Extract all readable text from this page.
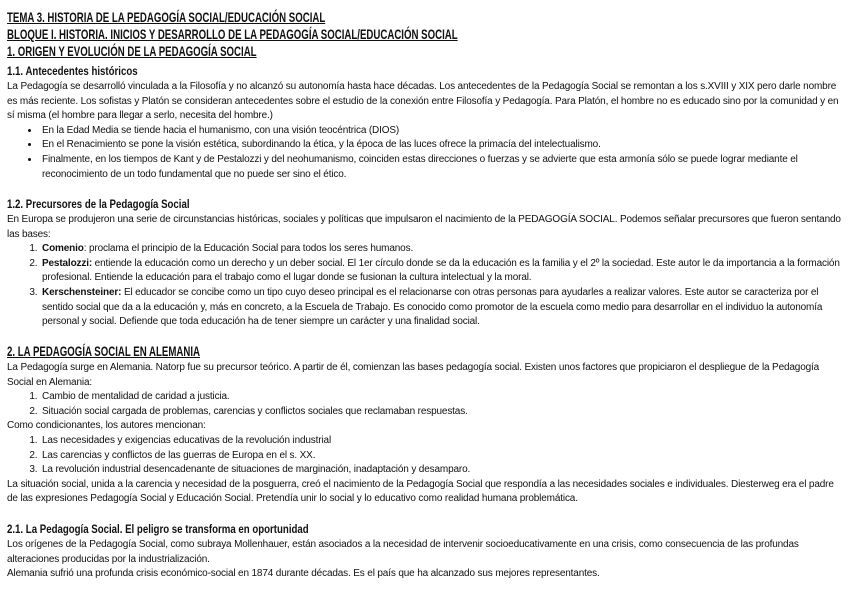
TEMA 3. HISTORIA DE LA PEDAGOGÍA SOCIAL/EDUCACIÓN SOCIAL
BLOQUE I. HISTORIA. INICIOS Y DESARROLLO DE LA PEDAGOGÍA SOCIAL/EDUCACIÓN SOCIAL
1. ORIGEN Y EVOLUCIÓN DE LA PEDAGOGÍA SOCIAL
1.1. Antecedentes históricos

La Pedagogía se desarrolló vinculada a la Filosofía y no alcanzó su autonomía hasta hace décadas. Los antecedentes de la Pedagogía Social se remontan a los s.XVIII y XIX pero darle nombre es más reciente. Los sofistas y Platón se consideran antecedentes sobre el estudio de la conexión entre Filosofía y Pedagogía. Para Platón, el hombre no es educado sino por la comunidad y en sí misma (el hombre para llegar a serlo, necesita del hombre.)

• En la Edad Media se tiende hacia el humanismo, con una visión teocéntrica (DIOS)
• En el Renacimiento se pone la visión estética, subordinando la ética, y la época de las luces ofrece la primacía del intelectualismo.
• Finalmente, en los tiempos de Kant y de Pestalozzi y del neohumanismo, coinciden estas direcciones o fuerzas y se advierte que esta armonía sólo se puede lograr mediante el reconocimiento de un todo fundamental que no puede ser sino el ético.
1.2. Precursores de la Pedagogía Social

En Europa se produjeron una serie de circunstancias históricas, sociales y políticas que impulsaron el nacimiento de la PEDAGOGÍA SOCIAL. Podemos señalar precursores que fueron sentando las bases:

1. Comenio: proclama el principio de la Educación Social para todos los seres humanos.
2. Pestalozzi: entiende la educación como un derecho y un deber social. El 1er círculo donde se da la educación es la familia y el 2º la sociedad. Este autor le da importancia a la formación profesional. Entiende la educación para el trabajo como el lugar donde se fusionan la cultura intelectual y la moral.
3. Kerschensteiner: El educador se concibe como un tipo cuyo deseo principal es el relacionarse con otras personas para ayudarles a realizar valores. Este autor se caracteriza por el sentido social que da a la educación y, más en concreto, a la Escuela de Trabajo. Es conocido como promotor de la escuela como medio para desarrollar en el individuo la autonomía personal y social. Defiende que toda educación ha de tener siempre un carácter y una finalidad social.
2. LA PEDAGOGÍA SOCIAL EN ALEMANIA

La Pedagogía surge en Alemania. Natorp fue su precursor teórico. A partir de él, comienzan las bases pedagogía social. Existen unos factores que propiciaron el despliegue de la Pedagogía Social en Alemania:

1. Cambio de mentalidad de caridad a justicia.
2. Situación social cargada de problemas, carencias y conflictos sociales que reclamaban respuestas.

Como condicionantes, los autores mencionan:

1. Las necesidades y exigencias educativas de la revolución industrial
2. Las carencias y conflictos de las guerras de Europa en el s. XX.
3. La revolución industrial desencadenante de situaciones de marginación, inadaptación y desamparo.

La situación social, unida a la carencia y necesidad de la posguerra, creó el nacimiento de la Pedagogía Social que respondía a las necesidades sociales e individuales. Diesterweg era el padre de las expresiones Pedagogía Social y Educación Social. Pretendía unir lo social y lo educativo como realidad humana problemática.

2.1. La Pedagogía Social. El peligro se transforma en oportunidad

Los orígenes de la Pedagogía Social, como subraya Mollenhauer, están asociados a la necesidad de intervenir socioeducativamente en una crisis, como consecuencia de las profundas alteraciones producidas por la industrialización.

Alemania sufrió una profunda crisis económico-social en 1874 durante décadas. Es el país que ha alcanzado sus mejores representantes.
